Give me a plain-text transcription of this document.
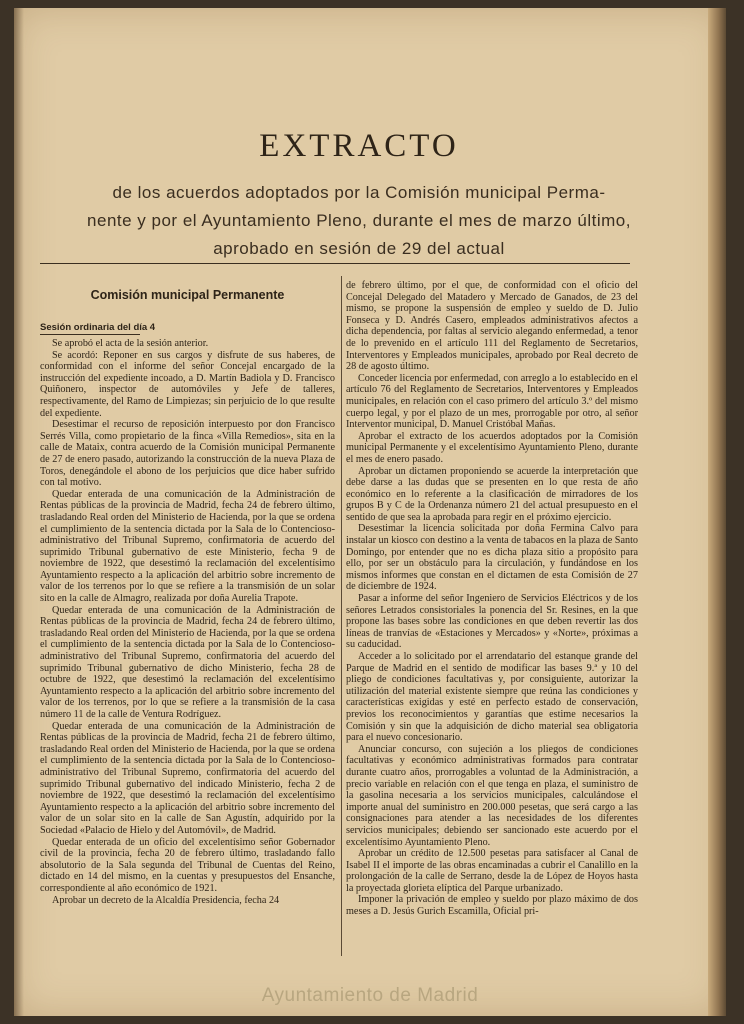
EXTRACTO
de los acuerdos adoptados por la Comisión municipal Perma-
nente y por el Ayuntamiento Pleno, durante el mes de marzo último,
aprobado en sesión de 29 del actual
Comisión municipal Permanente
Sesión ordinaria del día 4

Se aprobó el acta de la sesión anterior.

Se acordó: Reponer en sus cargos y disfrute de sus haberes, de conformidad con el informe del señor Concejal encargado de la instrucción del expediente incoado, a D. Martín Badiola y D. Francisco Quiñonero, inspector de automóviles y Jefe de talleres, respectivamente, del Ramo de Limpiezas; sin perjuicio de lo que resulte del expediente.

Desestimar el recurso de reposición interpuesto por don Francisco Serrés Villa, como propietario de la finca «Villa Remedios», sita en la calle de Mataix, contra acuerdo de la Comisión municipal Permanente de 27 de enero pasado, autorizando la construcción de la nueva Plaza de Toros, denegándole el abono de los perjuicios que dice haber sufrido con tal motivo.

Quedar enterada de una comunicación de la Administración de Rentas públicas de la provincia de Madrid, fecha 24 de febrero último, trasladando Real orden del Ministerio de Hacienda, por la que se ordena el cumplimiento de la sentencia dictada por la Sala de lo Contencioso-administrativo del Tribunal Supremo, confirmatoria de acuerdo del suprimido Tribunal gubernativo de este Ministerio, fecha 9 de noviembre de 1922, que desestimó la reclamación del excelentísimo Ayuntamiento respecto a la aplicación del arbitrio sobre incremento de valor de los terrenos por lo que se refiere a la transmisión de un solar sito en la calle de Almagro, realizada por doña Aurelia Trapote.

Quedar enterada de una comunicación de la Administración de Rentas públicas de la provincia de Madrid, fecha 24 de febrero último, trasladando Real orden del Ministerio de Hacienda, por la que se ordena el cumplimiento de la sentencia dictada por la Sala de lo Contencioso-administrativo del Tribunal Supremo, confirmatoria del acuerdo del suprimido Tribunal gubernativo de dicho Ministerio, fecha 28 de octubre de 1922, que desestimó la reclamación del excelentísimo Ayuntamiento respecto a la aplicación del arbitrio sobre incremento del valor de los terrenos, por lo que se refiere a la transmisión de la casa número 11 de la calle de Ventura Rodríguez.

Quedar enterada de una comunicación de la Administración de Rentas públicas de la provincia de Madrid, fecha 21 de febrero último, trasladando Real orden del Ministerio de Hacienda, por la que se ordena el cumplimiento de la sentencia dictada por la Sala de lo Contencioso-administrativo del Tribunal Supremo, confirmatoria del acuerdo del suprimido Tribunal gubernativo del indicado Ministerio, fecha 2 de noviembre de 1922, que desestimó la reclamación del excelentísimo Ayuntamiento respecto a la aplicación del arbitrio sobre incremento del valor de un solar sito en la calle de San Agustín, adquirido por la Sociedad «Palacio de Hielo y del Automóvil», de Madrid.

Quedar enterada de un oficio del excelentísimo señor Gobernador civil de la provincia, fecha 20 de febrero último, trasladando fallo absolutorio de la Sala segunda del Tribunal de Cuentas del Reino, dictado en 14 del mismo, en la cuentas y presupuestos del Ensanche, correspondiente al año económico de 1921.

Aprobar un decreto de la Alcaldía Presidencia, fecha 24

de febrero último, por el que, de conformidad con el oficio del Concejal Delegado del Matadero y Mercado de Ganados, de 23 del mismo, se propone la suspensión de empleo y sueldo de D. Julio Fonseca y D. Andrés Casero, empleados administrativos afectos a dicha dependencia, por faltas al servicio alegando enfermedad, a tenor de lo prevenido en el artículo 111 del Reglamento de Secretarios, Interventores y Empleados municipales, aprobado por Real decreto de 28 de agosto último.

Conceder licencia por enfermedad, con arreglo a lo establecido en el artículo 76 del Reglamento de Secretarios, Interventores y Empleados municipales, en relación con el caso primero del artículo 3.º del mismo cuerpo legal, y por el plazo de un mes, prorrogable por otro, al señor Interventor municipal, D. Manuel Cristóbal Mañas.

Aprobar el extracto de los acuerdos adoptados por la Comisión municipal Permanente y el excelentísimo Ayuntamiento Pleno, durante el mes de enero pasado.

Aprobar un dictamen proponiendo se acuerde la interpretación que debe darse a las dudas que se presenten en lo que resta de año económico en lo referente a la clasificación de mirradores de los grupos B y C de la Ordenanza número 21 del actual presupuesto en el sentido de que sea la aprobada para regir en el próximo ejercicio.

Desestimar la licencia solicitada por doña Fermina Calvo para instalar un kiosco con destino a la venta de tabacos en la plaza de Santo Domingo, por entender que no es dicha plaza sitio a propósito para ello, por ser un obstáculo para la circulación, y fundándose en los mismos informes que constan en el dictamen de esta Comisión de 27 de diciembre de 1924.

Pasar a informe del señor Ingeniero de Servicios Eléctricos y de los señores Letrados consistoriales la ponencia del Sr. Resines, en la que propone las bases sobre las condiciones en que deben revertir las dos líneas de tranvías de «Estaciones y Mercados» y «Norte», próximas a su caducidad.

Acceder a lo solicitado por el arrendatario del estanque grande del Parque de Madrid en el sentido de modificar las bases 9.ª y 10 del pliego de condiciones facultativas y, por consiguiente, autorizar la utilización del material existente siempre que reúna las condiciones y características exigidas y esté en perfecto estado de conservación, previos los reconocimientos y garantías que estime necesarios la Comisión y sin que la adquisición de dicho material sea obligatoria para el nuevo concesionario.

Anunciar concurso, con sujeción a los pliegos de condiciones facultativas y económico administrativas formados para contratar durante cuatro años, prorrogables a voluntad de la Administración, a precio variable en relación con el que tenga en plaza, el suministro de la gasolina necesaria a los servicios municipales, calculándose el importe anual del suministro en 200.000 pesetas, que será cargo a las consignaciones para atender a las necesidades de los diferentes servicios municipales; debiendo ser sancionado este acuerdo por el excelentísimo Ayuntamiento Pleno.

Aprobar un crédito de 12.500 pesetas para satisfacer al Canal de Isabel II el importe de las obras encaminadas a cubrir el Canalillo en la prolongación de la calle de Serrano, desde la de López de Hoyos hasta la proyectada glorieta elíptica del Parque urbanizado.

Imponer la privación de empleo y sueldo por plazo máximo de dos meses a D. Jesús Gurich Escamilla, Oficial pri-

Ayuntamiento de Madrid
